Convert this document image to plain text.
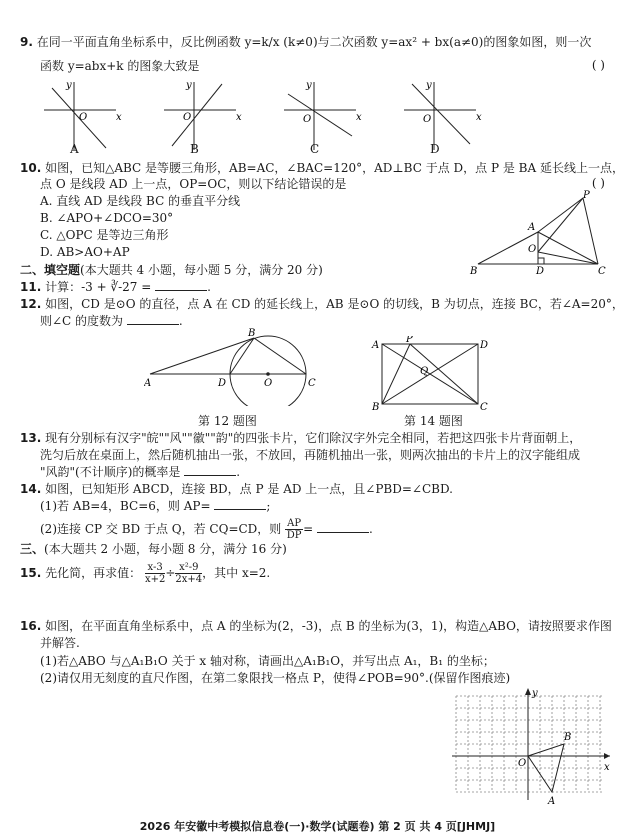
9. 在同一平面直角坐标系中，反比例函数 y=k/x (k≠0)与二次函数 y=ax² + bx(a≠0)的图象如图，则一次
函数 y=abx+k 的图象大致是	( )
y
x
O
y
x
O
y
x
O
y
x
O
A	B	C	D
10. 如图，已知△ABC 是等腰三角形，AB=AC，∠BAC=120°，AD⊥BC 于点 D，点 P 是 BA 延长线上一点，
点 O 是线段 AD 上一点，OP=OC，则以下结论错误的是	( )
A. 直线 AD 是线段 BC 的垂直平分线
B. ∠APO+∠DCO=30°
C. △OPC 是等边三角形
D. AB>AO+AP
P
A
O
B	D	C
二、填空题(本大题共 4 小题，每小题 5 分，满分 20 分)
11. 计算：-3 + ∛-27 =	.
12. 如图，CD 是⊙O 的直径，点 A 在 CD 的延长线上，AB 是⊙O 的切线，B 为切点，连接 BC，若∠A=20°，
则∠C 的度数为	.
A
B
D	O	C
第 12 题图
A
P
D
Q
B	C
第 14 题图
13. 现有分别标有汉字"皖""风""徽""韵"的四张卡片，它们除汉字外完全相同，若把这四张卡片背面朝上，
洗匀后放在桌面上，然后随机抽出一张，不放回，再随机抽出一张，则两次抽出的卡片上的汉字能组成
"风韵"(不计顺序)的概率是	.
14. 如图，已知矩形 ABCD，连接 BD，点 P 是 AD 上一点，且∠PBD=∠CBD.
(1)若 AB=4，BC=6，则 AP=	;
(2)连接 CP 交 BD 于点 Q，若 CQ=CD，则 $\frac{AP}{DP}$ =	.
三、(本大题共 2 小题，每小题 8 分，满分 16 分)
15. 先化简，再求值： $\frac{x-3}{x+2} \div \frac{\text{x²-9}}{2x+4}$ ，其中 x=2.
16. 如图，在平面直角坐标系中，点 A 的坐标为(2，-3)，点 B 的坐标为(3，1)，构造△ABO，请按照要求作图
并解答.
(1)若△ABO 与△A₁B₁O 关于 x 轴对称，请画出△A₁B₁O，并写出点 A₁，B₁ 的坐标；
(2)请仅用无刻度的直尺作图，在第二象限找一格点 P，使得∠POB=90°.(保留作图痕迹)
y
x
O
B
A
2026 年安徽中考模拟信息卷(一)·数学(试题卷) 第 2 页 共 4 页[JHMJ]
